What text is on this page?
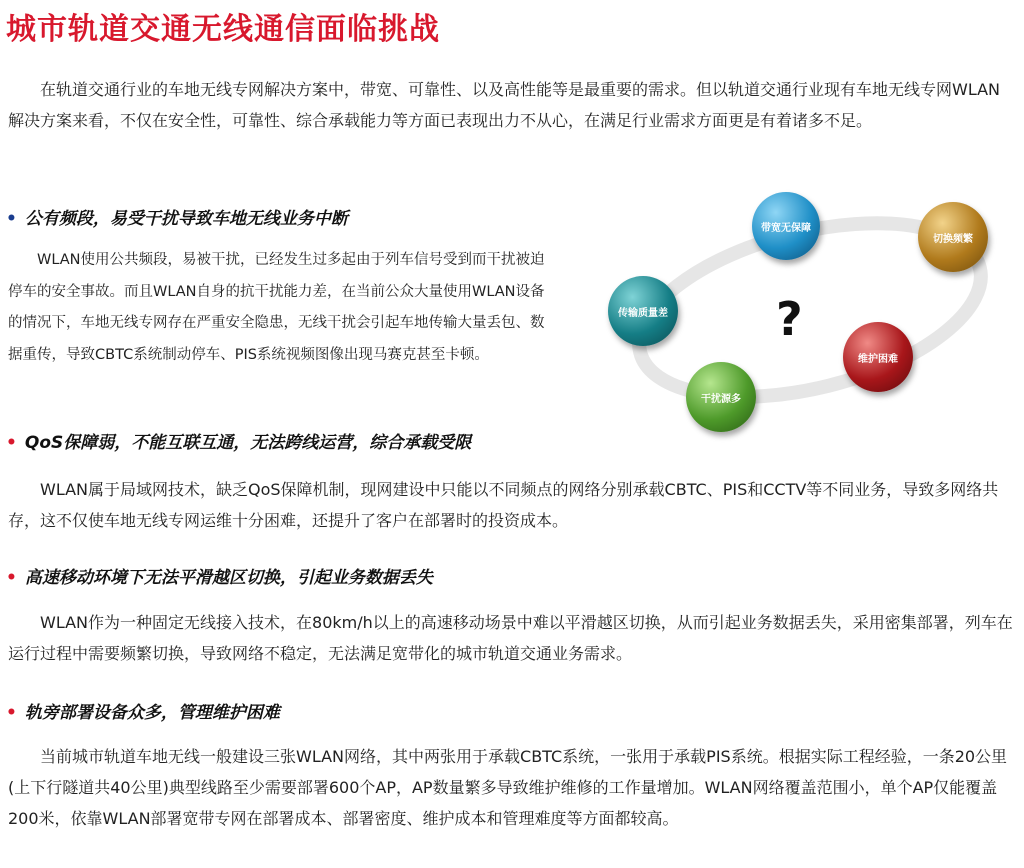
城市轨道交通无线通信面临挑战

在轨道交通行业的车地无线专网解决方案中，带宽、可靠性、以及高性能等是最重要的需求。但以轨道交通行业现有车地无线专网WLAN解决方案来看，不仅在安全性，可靠性、综合承载能力等方面已表现出力不从心，在满足行业需求方面更是有着诸多不足。

• 公有频段，易受干扰导致车地无线业务中断

WLAN使用公共频段，易被干扰，已经发生过多起由于列车信号受到而干扰被迫停车的安全事故。而且WLAN自身的抗干扰能力差，在当前公众大量使用WLAN设备的情况下，车地无线专网存在严重安全隐患，无线干扰会引起车地传输大量丢包、数据重传，导致CBTC系统制动停车、PIS系统视频图像出现马赛克甚至卡顿。

?
带宽无保障
切换频繁
传输质量差
维护困难
干扰源多
• QoS保障弱，不能互联互通，无法跨线运营，综合承载受限

WLAN属于局域网技术，缺乏QoS保障机制，现网建设中只能以不同频点的网络分别承载CBTC、PIS和CCTV等不同业务，导致多网络共存，这不仅使车地无线专网运维十分困难，还提升了客户在部署时的投资成本。

• 高速移动环境下无法平滑越区切换，引起业务数据丢失

WLAN作为一种固定无线接入技术，在80km/h以上的高速移动场景中难以平滑越区切换，从而引起业务数据丢失，采用密集部署，列车在运行过程中需要频繁切换，导致网络不稳定，无法满足宽带化的城市轨道交通业务需求。

• 轨旁部署设备众多，管理维护困难

当前城市轨道车地无线一般建设三张WLAN网络，其中两张用于承载CBTC系统，一张用于承载PIS系统。根据实际工程经验，一条20公里(上下行隧道共40公里)典型线路至少需要部署600个AP，AP数量繁多导致维护维修的工作量增加。WLAN网络覆盖范围小，单个AP仅能覆盖200米，依靠WLAN部署宽带专网在部署成本、部署密度、维护成本和管理难度等方面都较高。
